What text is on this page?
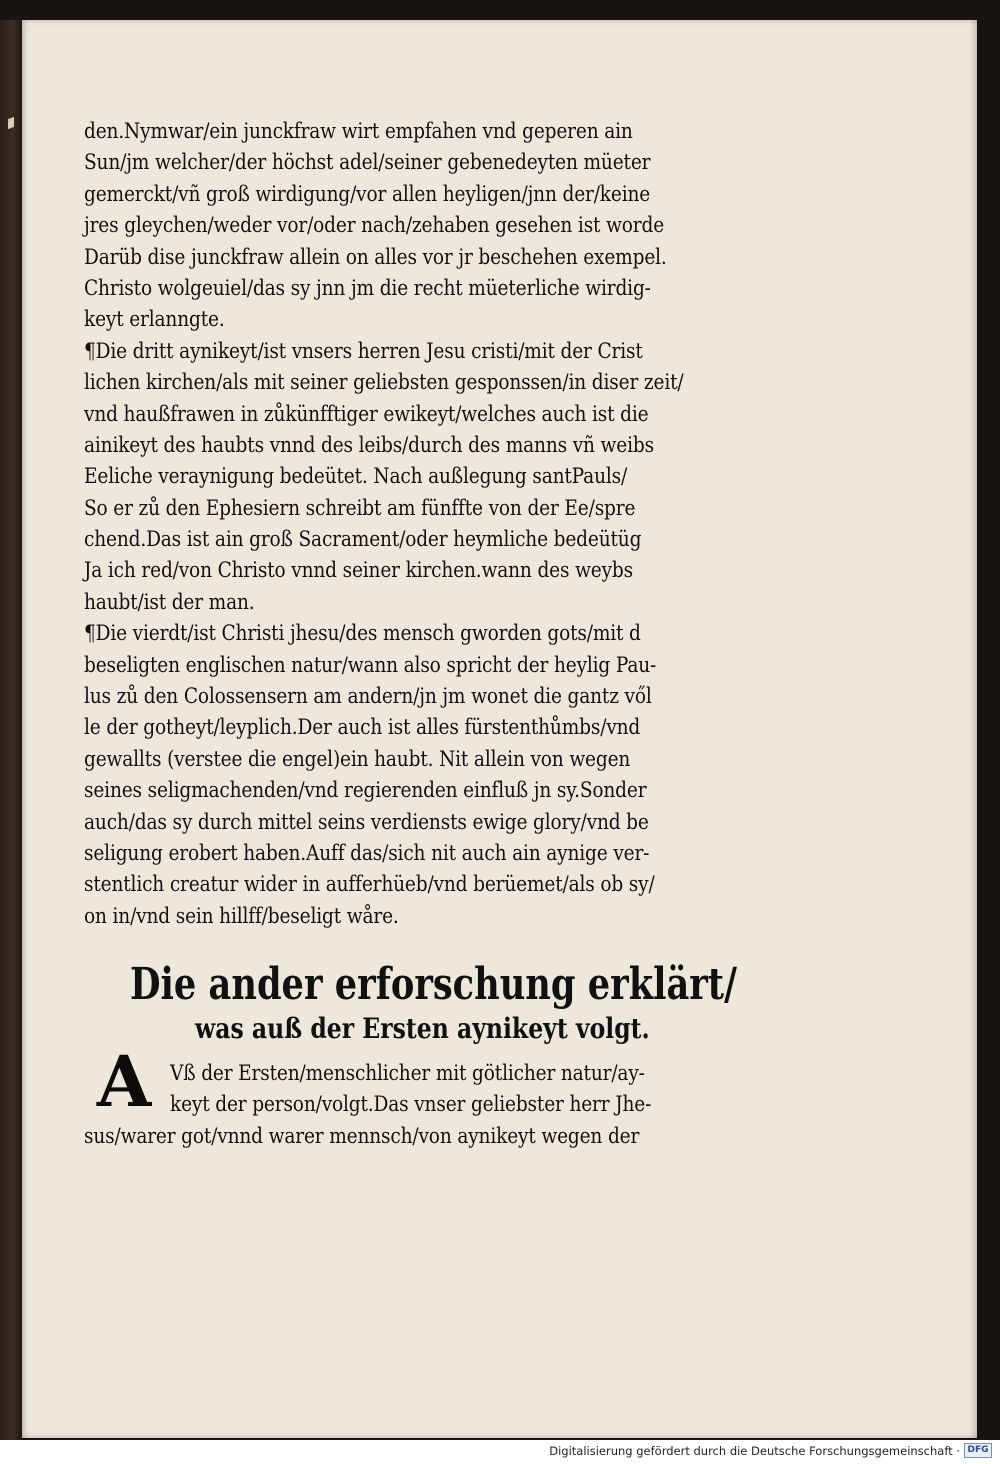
den.Nymwar/ein junckfraw wirt empfahen vnd geperen ain
Sun/jm welcher/der höchst adel/seiner gebenedeyten müeter
gemerckt/vñ groß wirdigung/vor allen heyligen/jnn der/keine
jres gleychen/weder vor/oder nach/zehaben gesehen ist worde
Darüb dise junckfraw allein on alles vor jr beschehen exempel.
Christo wolgeuiel/das sy jnn jm die recht müeterliche wirdig-
keyt erlanngte.
¶Die dritt aynikeyt/ist vnsers herren Jesu cristi/mit der Crist
lichen kirchen/als mit seiner geliebsten gesponssen/in diser zeit/
vnd haußfrawen in zůkünfftiger ewikeyt/welches auch ist die
ainikeyt des haubts vnnd des leibs/durch des manns vñ weibs
Eeliche veraynigung bedeütet. Nach außlegung santPauls/
So er zů den Ephesiern schreibt am fünffte von der Ee/spre
chend.Das ist ain groß Sacrament/oder heymliche bedeütüg
Ja ich red/von Christo vnnd seiner kirchen.wann des weybs
haubt/ist der man.
¶Die vierdt/ist Christi jhesu/des mensch gworden gots/mit d
beseligten englischen natur/wann also spricht der heylig Pau-
lus zů den Colossensern am andern/jn jm wonet die gantz vől
le der gotheyt/leyplich.Der auch ist alles fürstenthůmbs/vnd
gewallts (verstee die engel)ein haubt. Nit allein von wegen
seines seligmachenden/vnd regierenden einfluß jn sy.Sonder
auch/das sy durch mittel seins verdiensts ewige glory/vnd be
seligung erobert haben.Auff das/sich nit auch ain aynige ver-
stentlich creatur wider in aufferhüeb/vnd berüemet/als ob sy/
on in/vnd sein hillff/beseligt wåre.
Die ander erforschung erklärt/
was auß der Ersten aynikeyt volgt.
A Vß der Ersten/menschlicher mit götlicher natur/ay-
keyt der person/volgt.Das vnser geliebster herr Jhe-
sus/warer got/vnnd warer mennsch/von aynikeyt wegen der
Digitalisierung gefördert durch die Deutsche Forschungsgemeinschaft · DFG
